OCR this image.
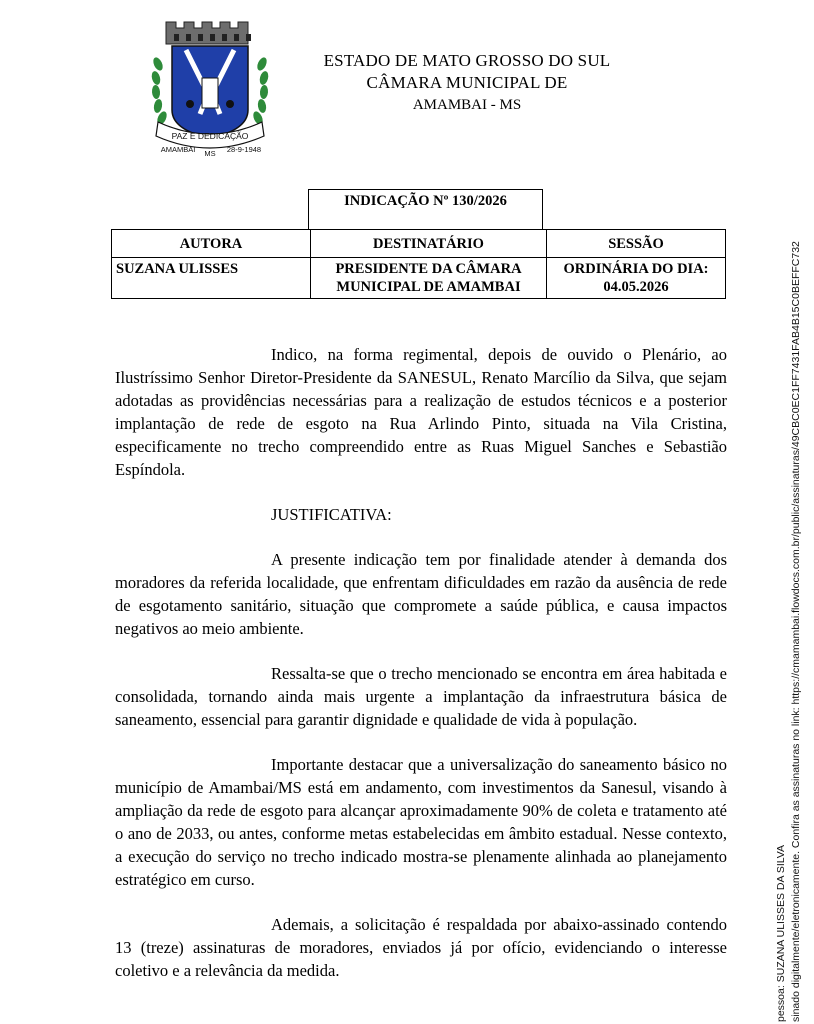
PAZ E DEDICAÇÃO
AMAMBAI MS 28-9-1948
ESTADO DE MATO GROSSO DO SUL
CÂMARA MUNICIPAL DE
AMAMBAI - MS
INDICAÇÃO Nº 130/2026
AUTORA	DESTINATÁRIO	SESSÃO
SUZANA ULISSES	PRESIDENTE DA CÂMARA MUNICIPAL DE AMAMBAI	ORDINÁRIA DO DIA: 04.05.2026

Indico, na forma regimental, depois de ouvido o Plenário, ao Ilustríssimo Senhor Diretor-Presidente da SANESUL, Renato Marcílio da Silva, que sejam adotadas as providências necessárias para a realização de estudos técnicos e a posterior implantação de rede de esgoto na Rua Arlindo Pinto, situada na Vila Cristina, especificamente no trecho compreendido entre as Ruas Miguel Sanches e Sebastião Espíndola.

JUSTIFICATIVA:

A presente indicação tem por finalidade atender à demanda dos moradores da referida localidade, que enfrentam dificuldades em razão da ausência de rede de esgotamento sanitário, situação que compromete a saúde pública, e causa impactos negativos ao meio ambiente.

Ressalta-se que o trecho mencionado se encontra em área habitada e consolidada, tornando ainda mais urgente a implantação da infraestrutura básica de saneamento, essencial para garantir dignidade e qualidade de vida à população.

Importante destacar que a universalização do saneamento básico no município de Amambai/MS está em andamento, com investimentos da Sanesul, visando à ampliação da rede de esgoto para alcançar aproximadamente 90% de coleta e tratamento até o ano de 2033, ou antes, conforme metas estabelecidas em âmbito estadual. Nesse contexto, a execução do serviço no trecho indicado mostra-se plenamente alinhada ao planejamento estratégico em curso.

Ademais, a solicitação é respaldada por abaixo-assinado contendo 13 (treze) assinaturas de moradores, enviados já por ofício, evidenciando o interesse coletivo e a relevância da medida.	sinado digitalmente/eletronicamente. Confira as assinaturas no link: https://cmamambai.flowdocs.com.br/public/assinaturas/49CBC0EC1FF7431FAB4B15C0BEFFC732
pessoa: SUZANA ULISSES DA SILVA
